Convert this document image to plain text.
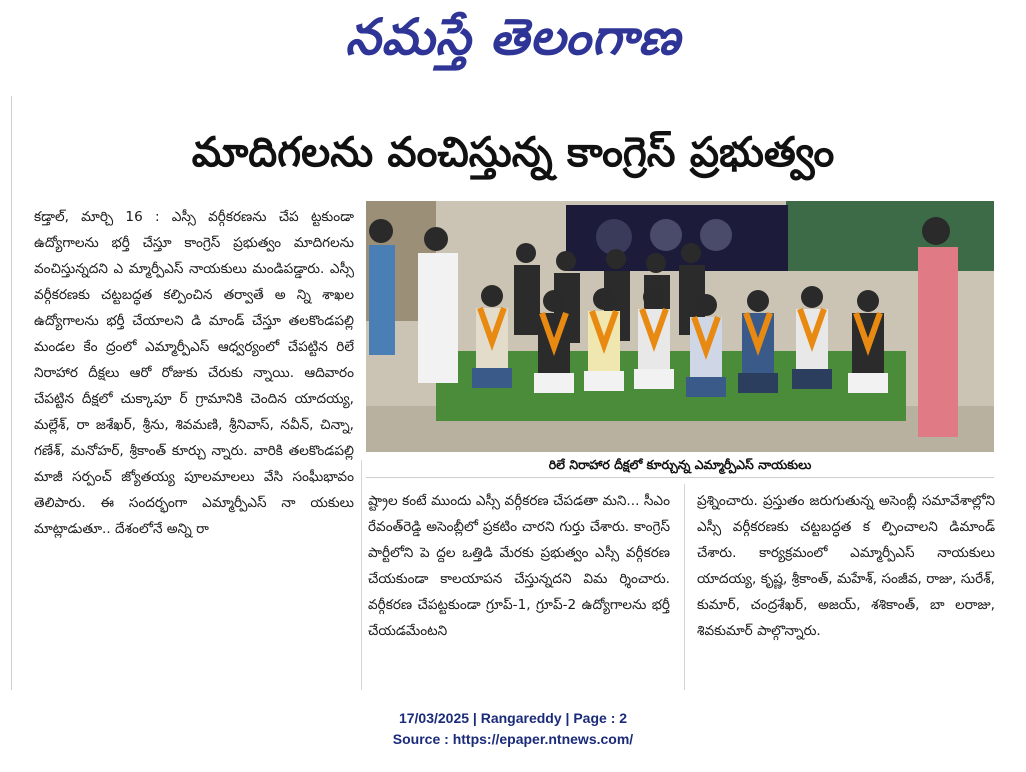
నమస్తే తెలంగాణ
మాదిగలను వంచిస్తున్న కాంగ్రెస్ ప్రభుత్వం
కడ్తాల్, మార్చి 16 : ఎస్సీ వర్గీకరణను చేప ట్టకుండా ఉద్యోగాలను భర్తీ చేస్తూ కాంగ్రెస్ ప్రభుత్వం మాదిగలను వంచిస్తున్నదని ఎ మ్మార్పీఎస్ నాయకులు మండిపడ్డారు. ఎస్సీ వర్గీకరణకు చట్టబద్ధత కల్పించిన తర్వాతే అ న్ని శాఖల ఉద్యోగాలను భర్తీ చేయాలని డి మాండ్ చేస్తూ తలకొండపల్లి మండల కేం ద్రంలో ఎమ్మార్పీఎస్ ఆధ్వర్యంలో చేపట్టిన రిలే నిరాహార దీక్షలు ఆరో రోజుకు చేరుకు న్నాయి. ఆదివారం చేపట్టిన దీక్షలో చుక్కాపూ ర్ గ్రామానికి చెందిన యాదయ్య, మల్లేశ్, రా జశేఖర్, శ్రీను, శివమణి, శ్రీనివాస్, నవీన్, చిన్నా, గణేశ్, మనోహర్, శ్రీకాంత్ కూర్చు న్నారు. వారికి తలకొండపల్లి మాజీ సర్పంచ్ జ్యోతయ్య పూలమాలలు వేసి సంఘీభావం తెలిపారు. ఈ సందర్భంగా ఎమ్మార్పీఎస్ నా యకులు మాట్లాడుతూ.. దేశంలోనే అన్ని రా
రిలే నిరాహార దీక్షలో కూర్చున్న ఎమ్మార్పీఎస్ నాయకులు
ష్ట్రాల కంటే ముందు ఎస్సీ వర్గీకరణ చేపడతా మని... సీఎం రేవంత్‌రెడ్డి అసెంబ్లీలో ప్రకటిం చారని గుర్తు చేశారు. కాంగ్రెస్ పార్టీలోని పె ద్దల ఒత్తిడి మేరకు ప్రభుత్వం ఎస్సీ వర్గీకరణ చేయకుండా కాలయాపన చేస్తున్నదని విమ ర్శించారు. వర్గీకరణ చేపట్టకుండా గ్రూప్-1, గ్రూప్-2 ఉద్యోగాలను భర్తీ చేయడమేంటని
ప్రశ్నించారు. ప్రస్తుతం జరుగుతున్న అసెంబ్లీ సమావేశాల్లోని ఎస్సీ వర్గీకరణకు చట్టబద్ధత క ల్పించాలని డిమాండ్ చేశారు. కార్యక్రమంలో ఎమ్మార్పీఎస్ నాయకులు యాదయ్య, కృష్ణ, శ్రీకాంత్, మహేశ్, సంజీవ, రాజు, సురేశ్, కుమార్, చంద్రశేఖర్, అజయ్, శశికాంత్, బా లరాజు, శివకుమార్ పాల్గొన్నారు.
17/03/2025 | Rangareddy | Page : 2
Source : https://epaper.ntnews.com/
